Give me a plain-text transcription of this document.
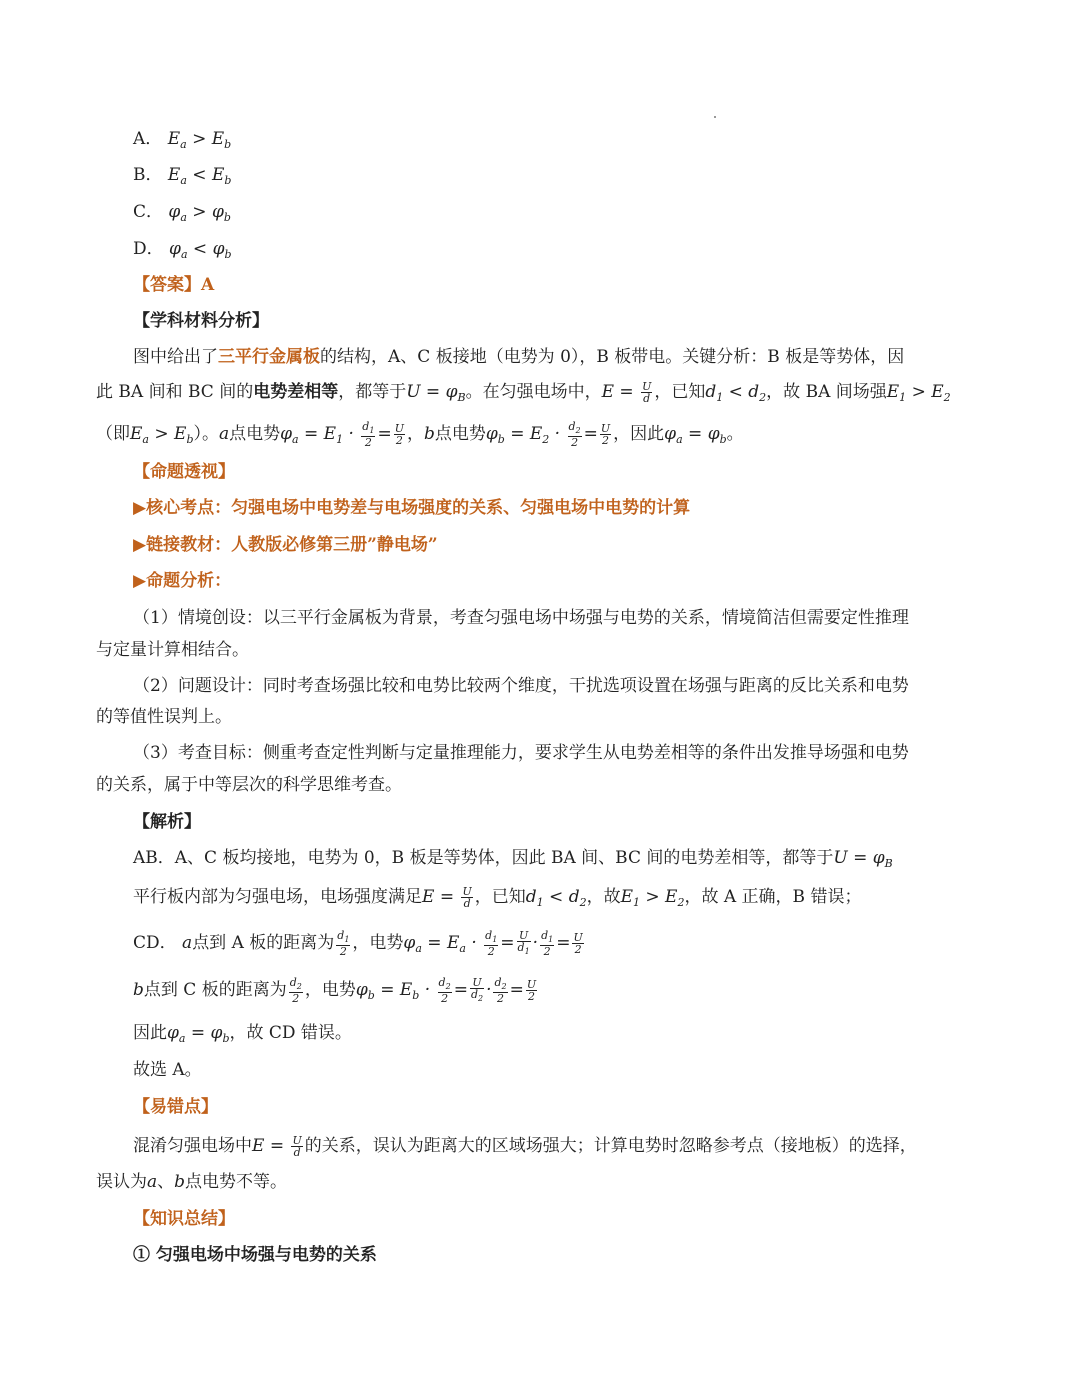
A． $E_a > E_b$
B． $E_a < E_b$
C． $\varphi_a > \varphi_b$
D． $\varphi_a < \varphi_b$
【答案】A
【学科材料分析】
图中给出了三平行金属板的结构，A、C 板接地（电势为 0），B 板带电。关键分析：B 板是等势体，因
此 BA 间和 BC 间的电势差相等，都等于$U = \varphi_B$。在匀强电场中，$E = \frac{U}{d}$ ，已知$d_1 < d_2$，故 BA 间场强$E_1 > E_2$
（即$E_a > E_b$）。a点电势$\varphi_a = E_1 \cdot \frac{d_1}{2} = \frac{U}{2}$ ，b点电势$\varphi_b = E_2 \cdot \frac{d_2}{2} = \frac{U}{2}$ ，因此$\varphi_a = \varphi_b$。
【命题透视】
▶核心考点：匀强电场中电势差与电场强度的关系、匀强电场中电势的计算
▶链接教材：人教版必修第三册”静电场”
▶命题分析：
（1）情境创设：以三平行金属板为背景，考查匀强电场中场强与电势的关系，情境简洁但需要定性推理
与定量计算相结合。
（2）问题设计：同时考查场强比较和电势比较两个维度，干扰选项设置在场强与距离的反比关系和电势
的等值性误判上。
（3）考查目标：侧重考查定性判断与定量推理能力，要求学生从电势差相等的条件出发推导场强和电势
的关系，属于中等层次的科学思维考查。
【解析】
AB．A、C 板均接地，电势为 0，B 板是等势体，因此 BA 间、BC 间的电势差相等，都等于$U = \varphi_B$
平行板内部为匀强电场，电场强度满足$E = \frac{U}{d}$ ，已知$d_1 < d_2$，故$E_1 > E_2$，故 A 正确，B 错误；
CD． a点到 A 板的距离为 $\frac{d_1}{2}$ ，电势$\varphi_a = E_a \cdot \frac{d_1}{2} = \frac{U}{d_1} \cdot \frac{d_1}{2} = \frac{U}{2}$
b点到 C 板的距离为 $\frac{d_2}{2}$ ，电势$\varphi_b = E_b \cdot \frac{d_2}{2} = \frac{U}{d_2} \cdot \frac{d_2}{2} = \frac{U}{2}$
因此$\varphi_a = \varphi_b$，故 CD 错误。
故选 A。
【易错点】
混淆匀强电场中$E = \frac{U}{d}$ 的关系，误认为距离大的区域场强大；计算电势时忽略参考点（接地板）的选择，
误认为a、b点电势不等。
【知识总结】
① 匀强电场中场强与电势的关系
